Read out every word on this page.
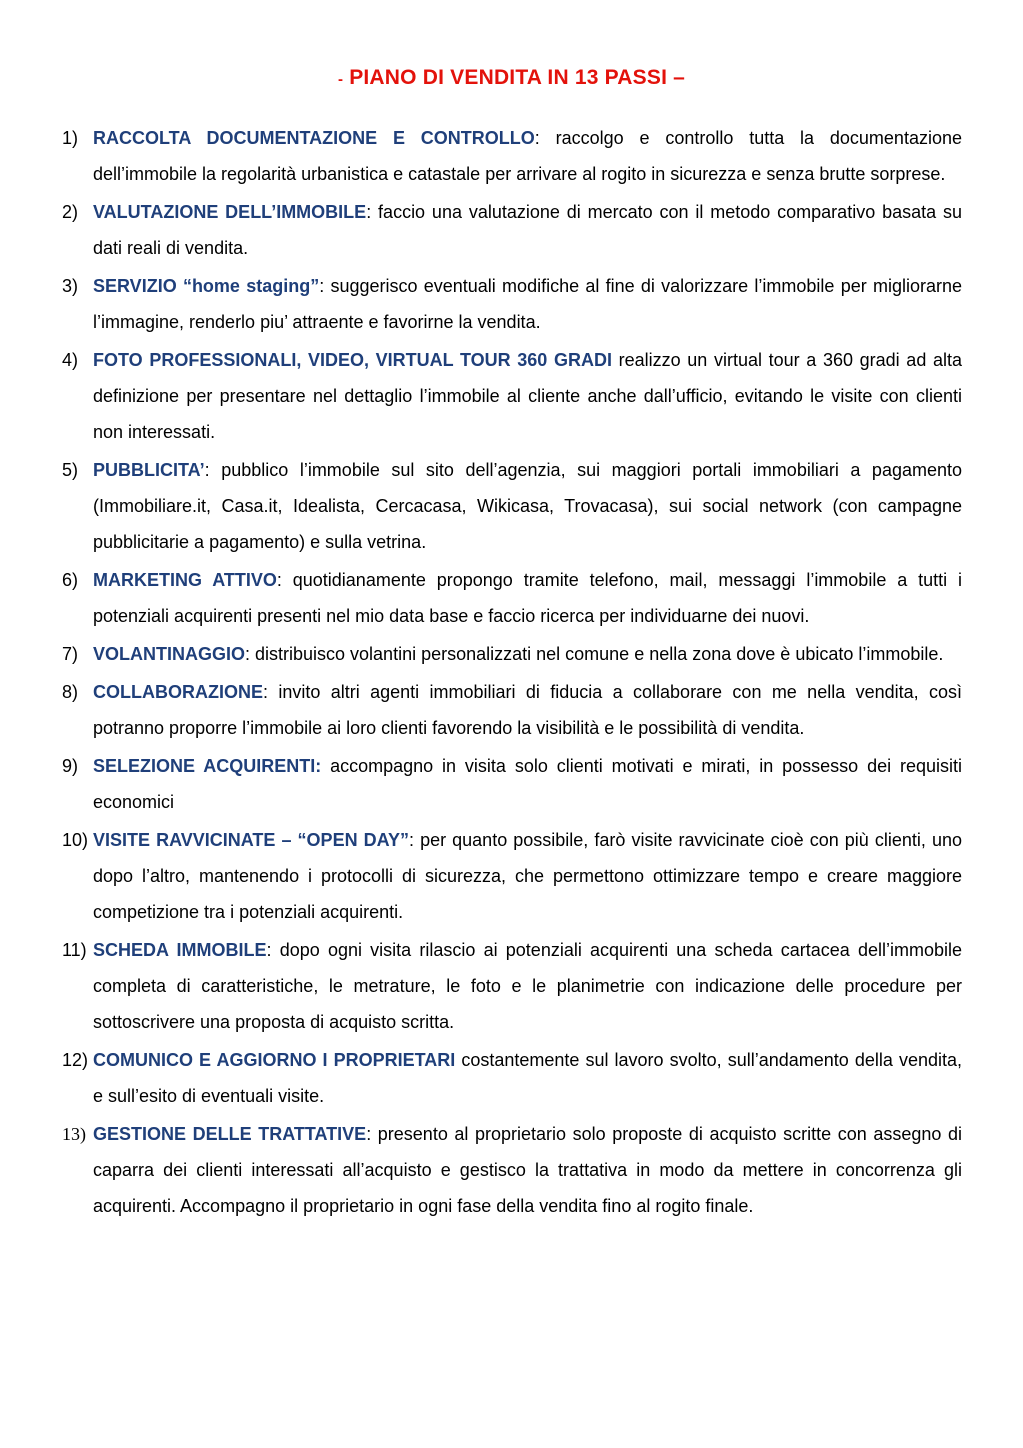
- PIANO DI VENDITA IN 13 PASSI –
1) RACCOLTA DOCUMENTAZIONE E CONTROLLO: raccolgo e controllo tutta la documentazione dell’immobile la regolarità urbanistica e catastale per arrivare al rogito in sicurezza e senza brutte sorprese.
2) VALUTAZIONE DELL’IMMOBILE: faccio una valutazione di mercato con il metodo comparativo basata su dati reali di vendita.
3) SERVIZIO “home staging”: suggerisco eventuali modifiche al fine di valorizzare l’immobile per migliorarne l’immagine, renderlo piu’ attraente e favorirne la vendita.
4) FOTO PROFESSIONALI, VIDEO, VIRTUAL TOUR 360 GRADI realizzo un virtual tour a 360 gradi ad alta definizione per presentare nel dettaglio l’immobile al cliente anche dall’ufficio, evitando le visite con clienti non interessati.
5) PUBBLICITA’: pubblico l’immobile sul sito dell’agenzia, sui maggiori portali immobiliari a pagamento (Immobiliare.it, Casa.it, Idealista, Cercacasa, Wikicasa, Trovacasa), sui social network (con campagne pubblicitarie a pagamento) e sulla vetrina.
6) MARKETING ATTIVO: quotidianamente propongo tramite telefono, mail, messaggi l’immobile a tutti i potenziali acquirenti presenti nel mio data base e faccio ricerca per individuarne dei nuovi.
7) VOLANTINAGGIO: distribuisco volantini personalizzati nel comune e nella zona dove è ubicato l’immobile.
8) COLLABORAZIONE: invito altri agenti immobiliari di fiducia a collaborare con me nella vendita, così potranno proporre l’immobile ai loro clienti favorendo la visibilità e le possibilità di vendita.
9) SELEZIONE ACQUIRENTI: accompagno in visita solo clienti motivati e mirati, in possesso dei requisiti economici
10) VISITE RAVVICINATE – “OPEN DAY”: per quanto possibile, farò visite ravvicinate cioè con più clienti, uno dopo l’altro, mantenendo i protocolli di sicurezza, che permettono ottimizzare tempo e creare maggiore competizione tra i potenziali acquirenti.
11) SCHEDA IMMOBILE: dopo ogni visita rilascio ai potenziali acquirenti una scheda cartacea dell’immobile completa di caratteristiche, le metrature, le foto e le planimetrie con indicazione delle procedure per sottoscrivere una proposta di acquisto scritta.
12) COMUNICO E AGGIORNO I PROPRIETARI costantemente sul lavoro svolto, sull’andamento della vendita, e sull’esito di eventuali visite.
13) GESTIONE DELLE TRATTATIVE: presento al proprietario solo proposte di acquisto scritte con assegno di caparra dei clienti interessati all’acquisto e gestisco la trattativa in modo da mettere in concorrenza gli acquirenti. Accompagno il proprietario in ogni fase della vendita fino al rogito finale.
